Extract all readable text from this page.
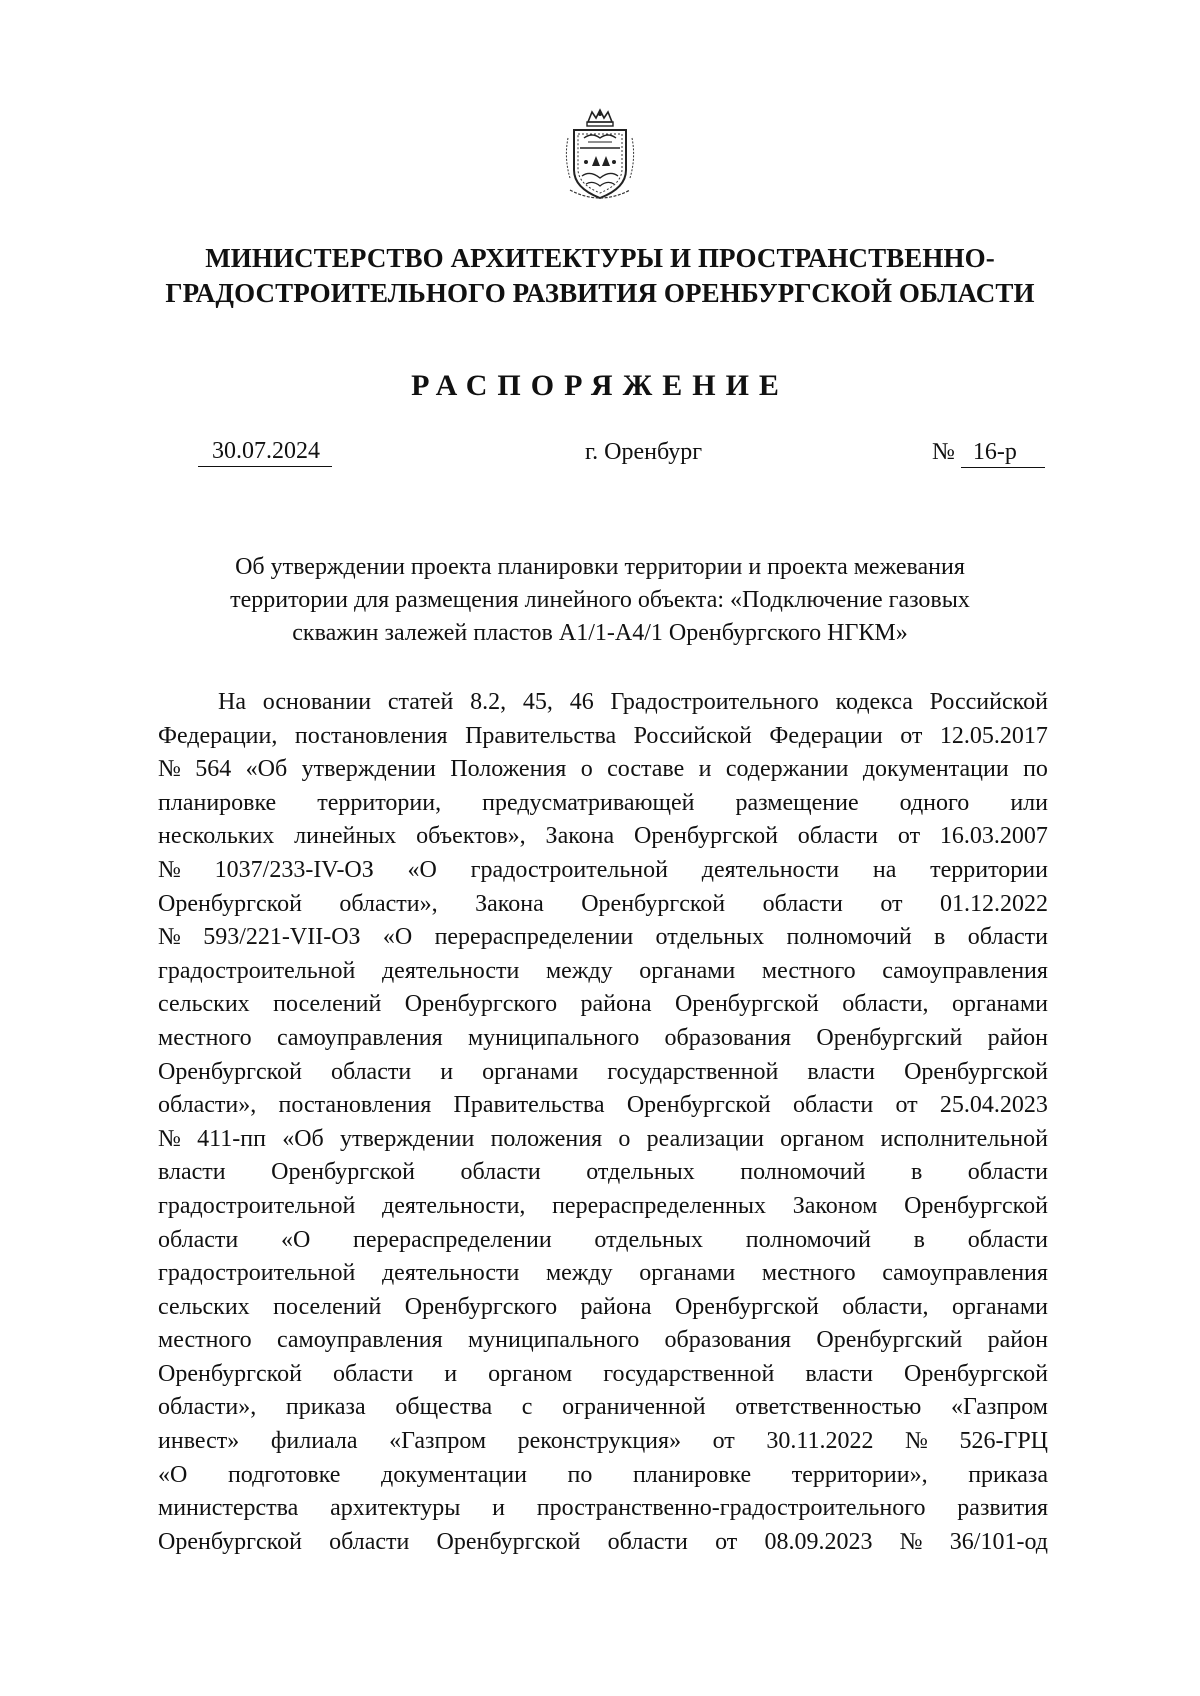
МИНИСТЕРСТВО АРХИТЕКТУРЫ И ПРОСТРАНСТВЕННО-
ГРАДОСТРОИТЕЛЬНОГО РАЗВИТИЯ ОРЕНБУРГСКОЙ ОБЛАСТИ
РАСПОРЯЖЕНИЕ
30.07.2024	г. Оренбург	№ 16-р
Об утверждении проекта планировки территории и проекта межевания
территории для размещения линейного объекта: «Подключение газовых
скважин залежей пластов А1/1-А4/1 Оренбургского НГКМ»
На основании статей 8.2, 45, 46 Градостроительного кодекса Российской
Федерации, постановления Правительства Российской Федерации от 12.05.2017
№ 564 «Об утверждении Положения о составе и содержании документации по
планировке территории, предусматривающей размещение одного или
нескольких линейных объектов», Закона Оренбургской области от 16.03.2007
№ 1037/233-IV-ОЗ «О градостроительной деятельности на территории
Оренбургской области», Закона Оренбургской области от 01.12.2022
№ 593/221-VII-ОЗ «О перераспределении отдельных полномочий в области
градостроительной деятельности между органами местного самоуправления
сельских поселений Оренбургского района Оренбургской области, органами
местного самоуправления муниципального образования Оренбургский район
Оренбургской области и органами государственной власти Оренбургской
области», постановления Правительства Оренбургской области от 25.04.2023
№ 411-пп «Об утверждении положения о реализации органом исполнительной
власти Оренбургской области отдельных полномочий в области
градостроительной деятельности, перераспределенных Законом Оренбургской
области «О перераспределении отдельных полномочий в области
градостроительной деятельности между органами местного самоуправления
сельских поселений Оренбургского района Оренбургской области, органами
местного самоуправления муниципального образования Оренбургский район
Оренбургской области и органом государственной власти Оренбургской
области», приказа общества с ограниченной ответственностью «Газпром
инвест» филиала «Газпром реконструкция» от 30.11.2022 № 526-ГРЦ
«О подготовке документации по планировке территории», приказа
министерства архитектуры и пространственно-градостроительного развития
Оренбургской области Оренбургской области от 08.09.2023 № 36/101-од
